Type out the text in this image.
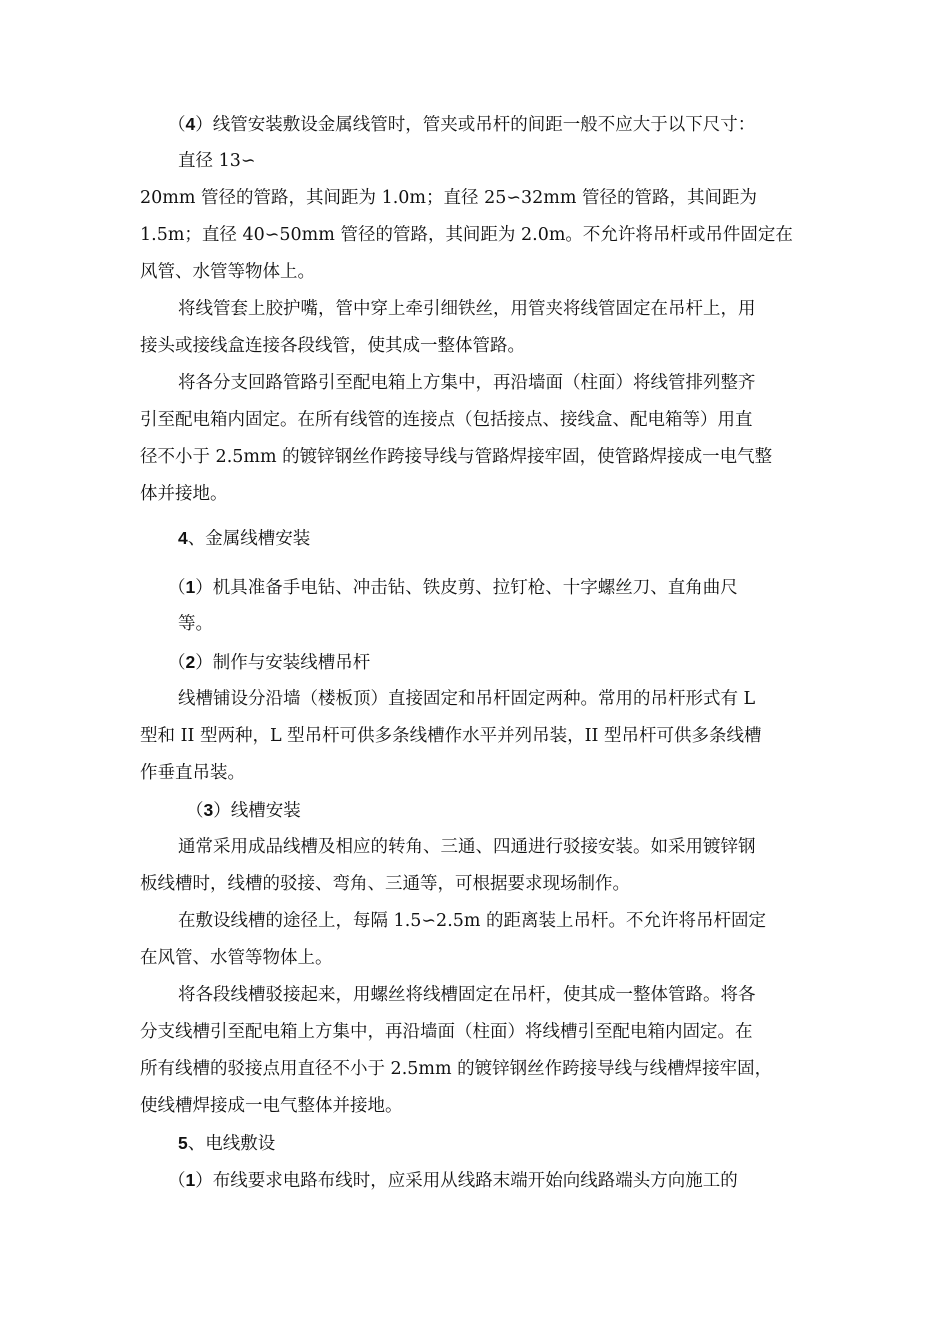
（4）线管安装敷设金属线管时，管夹或吊杆的间距一般不应大于以下尺寸：
直径 13∽
20mm 管径的管路，其间距为 1.0m；直径 25∽32mm 管径的管路，其间距为
1.5m；直径 40∽50mm 管径的管路，其间距为 2.0m。不允许将吊杆或吊件固定在
风管、水管等物体上。
将线管套上胶护嘴，管中穿上牵引细铁丝，用管夹将线管固定在吊杆上，用
接头或接线盒连接各段线管，使其成一整体管路。
将各分支回路管路引至配电箱上方集中，再沿墙面（柱面）将线管排列整齐
引至配电箱内固定。在所有线管的连接点（包括接点、接线盒、配电箱等）用直
径不小于 2.5mm 的镀锌钢丝作跨接导线与管路焊接牢固，使管路焊接成一电气整
体并接地。
4、金属线槽安装
（1）机具准备手电钻、冲击钻、铁皮剪、拉钉枪、十字螺丝刀、直角曲尺
等。
（2）制作与安装线槽吊杆
线槽铺设分沿墙（楼板顶）直接固定和吊杆固定两种。常用的吊杆形式有 L
型和 II 型两种，L 型吊杆可供多条线槽作水平并列吊装，II 型吊杆可供多条线槽
作垂直吊装。
（3）线槽安装
通常采用成品线槽及相应的转角、三通、四通进行驳接安装。如采用镀锌钢
板线槽时，线槽的驳接、弯角、三通等，可根据要求现场制作。
在敷设线槽的途径上，每隔 1.5∽2.5m 的距离装上吊杆。不允许将吊杆固定
在风管、水管等物体上。
将各段线槽驳接起来，用螺丝将线槽固定在吊杆，使其成一整体管路。将各
分支线槽引至配电箱上方集中，再沿墙面（柱面）将线槽引至配电箱内固定。在
所有线槽的驳接点用直径不小于 2.5mm 的镀锌钢丝作跨接导线与线槽焊接牢固，
使线槽焊接成一电气整体并接地。
5、电线敷设
（1）布线要求电路布线时，应采用从线路末端开始向线路端头方向施工的
